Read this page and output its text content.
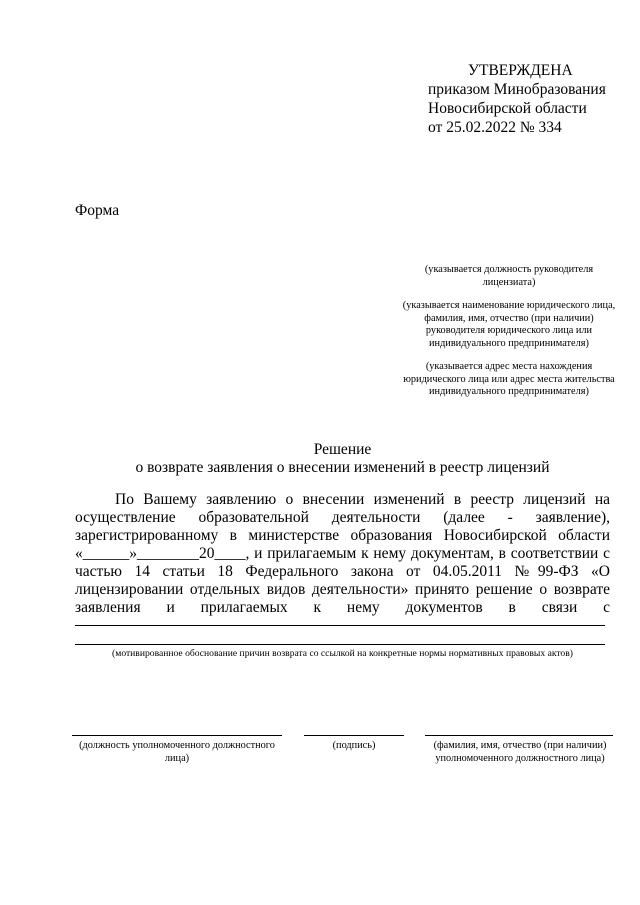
УТВЕРЖДЕНА
приказом Минобразования
Новосибирской области
от 25.02.2022 № 334
Форма
(указывается должность руководителя
лицензиата)
(указывается наименование юридического лица,
фамилия, имя, отчество (при наличии)
руководителя юридического лица или
индивидуального предпринимателя)
(указывается адрес места нахождения
юридического лица или адрес места жительства
индивидуального предпринимателя)
Решение
о возврате заявления о внесении изменений в реестр лицензий
По Вашему заявлению о внесении изменений в реестр лицензий на
осуществление образовательной деятельности (далее - заявление),
зарегистрированному в министерстве образования Новосибирской области
«______»________20____, и прилагаемым к нему документам, в соответствии с
частью 14 статьи 18 Федерального закона от 04.05.2011 №99-ФЗ «О
лицензировании отдельных видов деятельности» принято решение о возврате
заявления и прилагаемых к нему документов в связи с
(мотивированное обоснование причин возврата со ссылкой на конкретные нормы нормативных правовых актов)
(должность уполномоченного должностного
лица)
(подпись)	(фамилия, имя, отчество (при наличии)
уполномоченного должностного лица)
